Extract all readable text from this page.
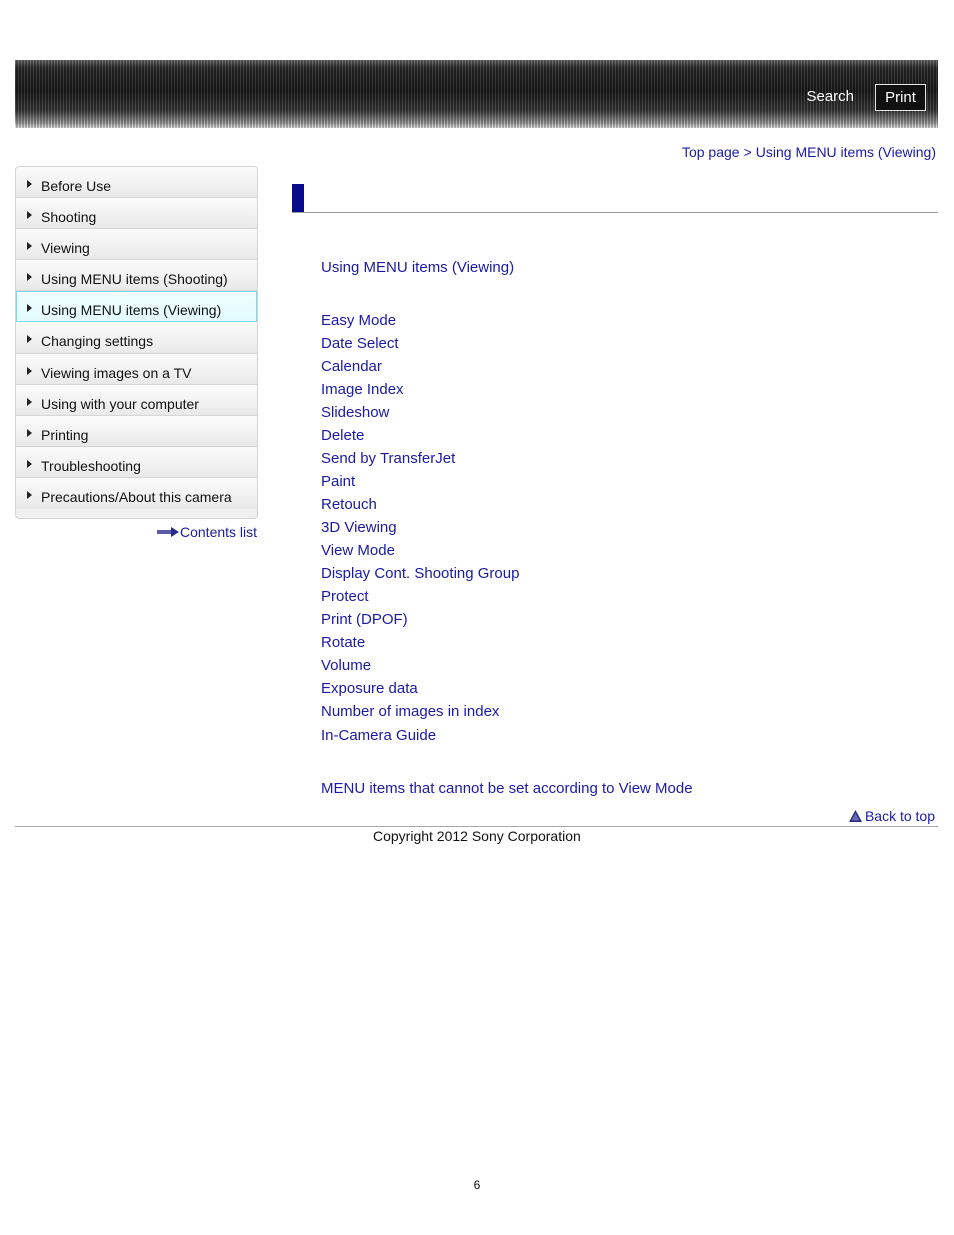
Search	Print
Top page > Using MENU items (Viewing)
Before Use
Shooting
Viewing
Using MENU items (Shooting)
Using MENU items (Viewing)
Changing settings
Viewing images on a TV
Using with your computer
Printing
Troubleshooting
Precautions/About this camera
Contents list
Using MENU items (Viewing)
Easy Mode
Date Select
Calendar
Image Index
Slideshow
Delete
Send by TransferJet
Paint
Retouch
3D Viewing
View Mode
Display Cont. Shooting Group
Protect
Print (DPOF)
Rotate
Volume
Exposure data
Number of images in index
In-Camera Guide
MENU items that cannot be set according to View Mode
Back to top
Copyright 2012 Sony Corporation
6
